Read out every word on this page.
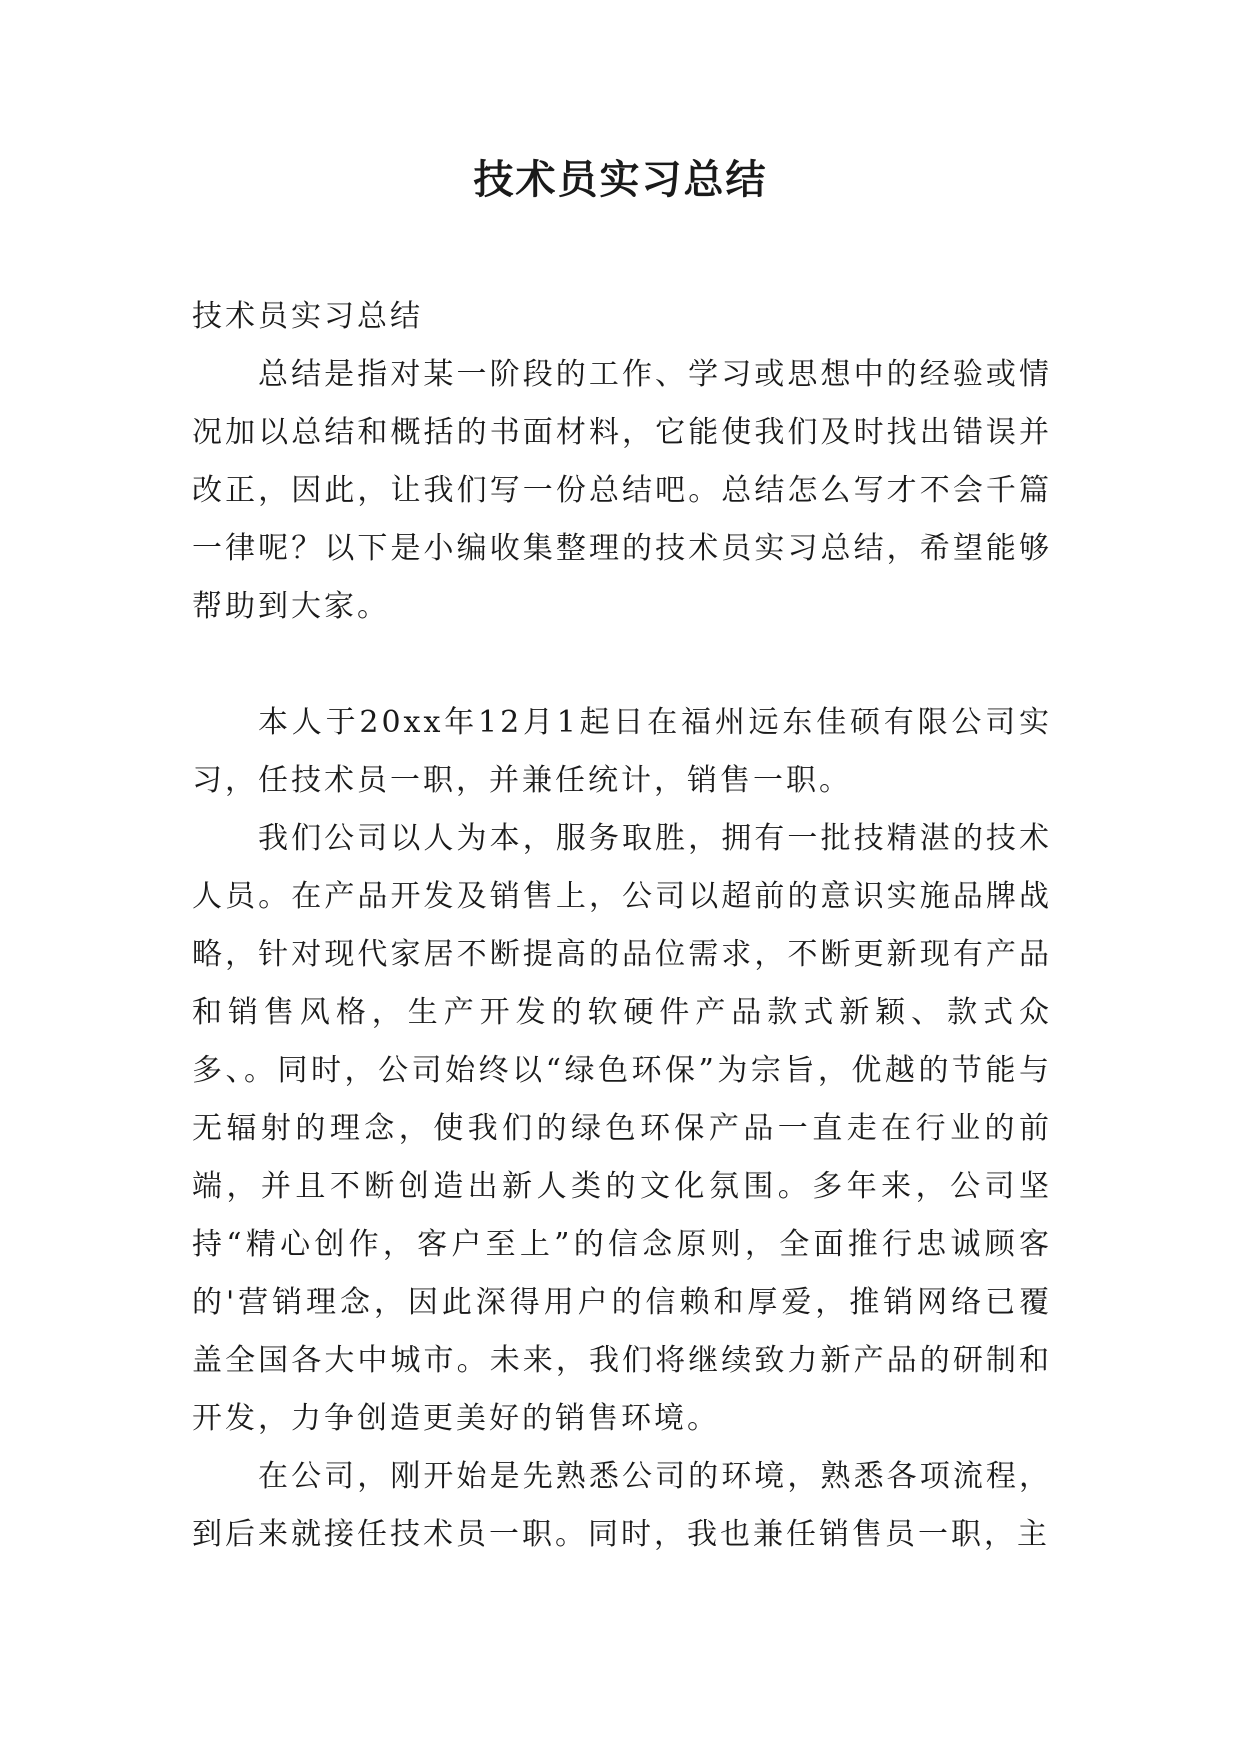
技术员实习总结

技术员实习总结

总结是指对某一阶段的工作、学习或思想中的经验或情况加以总结和概括的书面材料，它能使我们及时找出错误并改正，因此，让我们写一份总结吧。总结怎么写才不会千篇一律呢？以下是小编收集整理的技术员实习总结，希望能够帮助到大家。

本人于20xx年12月1起日在福州远东佳硕有限公司实习，任技术员一职，并兼任统计，销售一职。

我们公司以人为本，服务取胜，拥有一批技精湛的技术人员。在产品开发及销售上，公司以超前的意识实施品牌战略，针对现代家居不断提高的品位需求，不断更新现有产品和销售风格，生产开发的软硬件产品款式新颖、款式众多、。同时，公司始终以“绿色环保”为宗旨，优越的节能与无辐射的理念，使我们的绿色环保产品一直走在行业的前端，并且不断创造出新人类的文化氛围。多年来，公司坚持“精心创作，客户至上”的信念原则，全面推行忠诚顾客的'营销理念，因此深得用户的信赖和厚爱，推销网络已覆盖全国各大中城市。未来，我们将继续致力新产品的研制和开发，力争创造更美好的销售环境。

在公司，刚开始是先熟悉公司的环境，熟悉各项流程，到后来就接任技术员一职。同时，我也兼任销售员一职，主
